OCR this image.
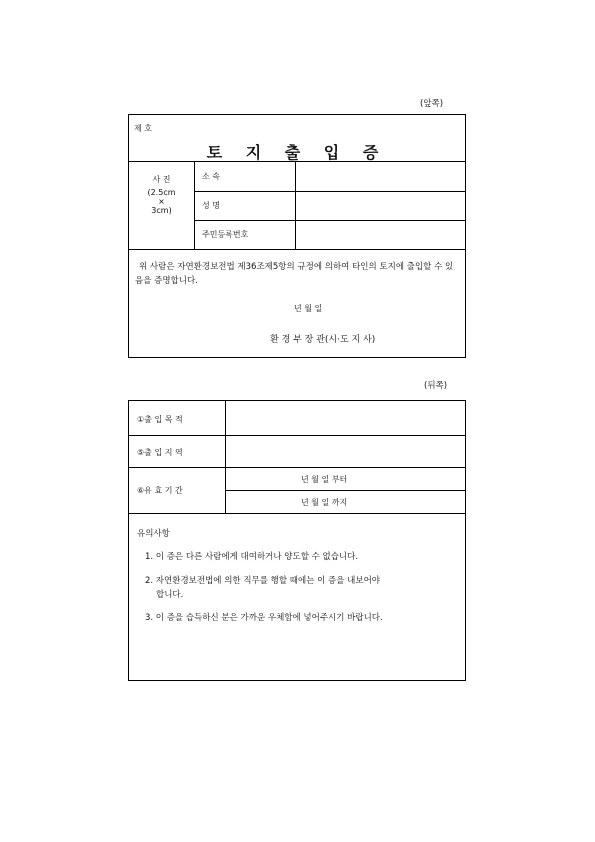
(앞쪽)
제 호
토 지 출 입 증
사 진
(2.5cm
×
3cm)
소 속
성 명
주민등록번호
위 사람은 자연환경보전법 제36조제5항의 규정에 의하여 타인의 토지에 출입할 수 있음을 증명합니다.
년 월 일
환 경 부 장 관(시·도 지 사)
(뒤쪽)
①출 입 목 적
⑤출 입 지 역
⑥유 효 기 간
년 월 일 부터
년 월 일 까지
유의사항
1. 이 증은 다른 사람에게 대여하거나 양도할 수 없습니다.
2. 자연환경보전법에 의한 직무를 행할 때에는 이 증을 내보어야
합니다.
3. 이 증을 습득하신 분은 가까운 우체함에 넣어주시기 바랍니다.
